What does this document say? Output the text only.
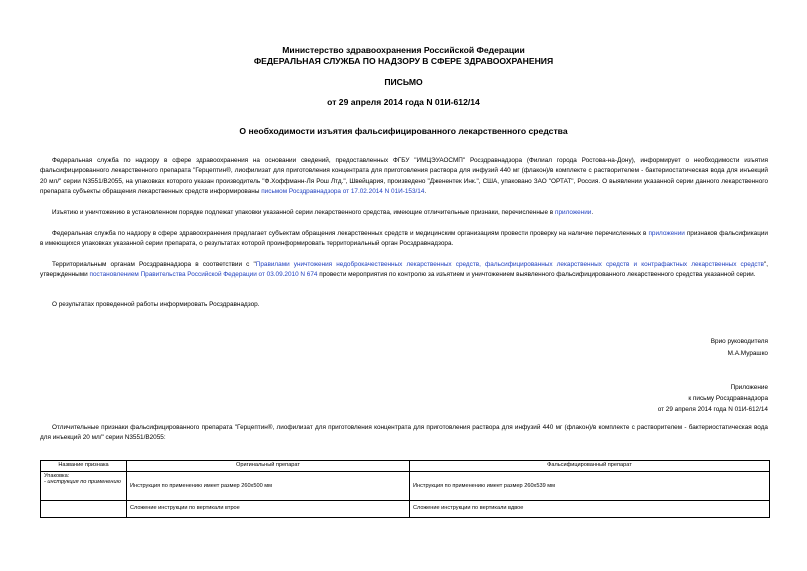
Министерство здравоохранения Российской Федерации
ФЕДЕРАЛЬНАЯ СЛУЖБА ПО НАДЗОРУ В СФЕРЕ ЗДРАВООХРАНЕНИЯ
ПИСЬМО
от 29 апреля 2014 года N 01И-612/14
О необходимости изъятия фальсифицированного лекарственного средства
Федеральная служба по надзору в сфере здравоохранения на основании сведений, предоставленных ФГБУ "ИМЦЭУАОСМП" Росздравнадзора (Филиал города Ростова-на-Дону), информирует о необходимости изъятия фальсифицированного лекарственного препарата "Герцептин®, лиофилизат для приготовления концентрата для приготовления раствора для инфузий 440 мг (флакон)/в комплекте с растворителем - бактериостатическая вода для инъекций 20 мл/" серии N3551/B2055, на упаковках которого указан производитель "Ф.Хоффманн-Ля Рош Лтд.", Швейцария, произведено "Дженентек Инк.", США, упаковано ЗАО "ОРТАТ", Россия. О выявлении указанной серии данного лекарственного препарата субъекты обращения лекарственных средств информированы письмом Росздравнадзора от 17.02.2014 N 01И-153/14.
Изъятию и уничтожению в установленном порядке подлежат упаковки указанной серии лекарственного средства, имеющие отличительные признаки, перечисленные в приложении.
Федеральная служба по надзору в сфере здравоохранения предлагает субъектам обращения лекарственных средств и медицинским организациям провести проверку на наличие перечисленных в приложении признаков фальсификации в имеющихся упаковках указанной серии препарата, о результатах которой проинформировать территориальный орган Росздравнадзора.
Территориальным органам Росздравнадзора в соответствии с "Правилами уничтожения недоброкачественных лекарственных средств, фальсифицированных лекарственных средств и контрафактных лекарственных средств", утвержденными постановлением Правительства Российской Федерации от 03.09.2010 N 674 провести мероприятия по контролю за изъятием и уничтожением выявленного фальсифицированного лекарственного средства указанной серии.
О результатах проведенной работы информировать Росздравнадзор.
Врио руководителя
М.А.Мурашко
Приложение
к письму Росздравнадзора
от 29 апреля 2014 года N 01И-612/14
Отличительные признаки фальсифицированного препарата "Герцептин®, лиофилизат для приготовления концентрата для приготовления раствора для инфузий 440 мг (флакон)/в комплекте с растворителем - бактериостатическая вода для инъекций 20 мл/" серии N3551/B2055:
Название признака	Оригинальный препарат	Фальсифицированный препарат

Упаковка:
- инструкция по применению	Инструкция по применению имеет размер 260х500 мм	Инструкция по применению имеет размер 260х539 мм
	Сложение инструкции по вертикали втрое	Сложение инструкции по вертикали вдвое
